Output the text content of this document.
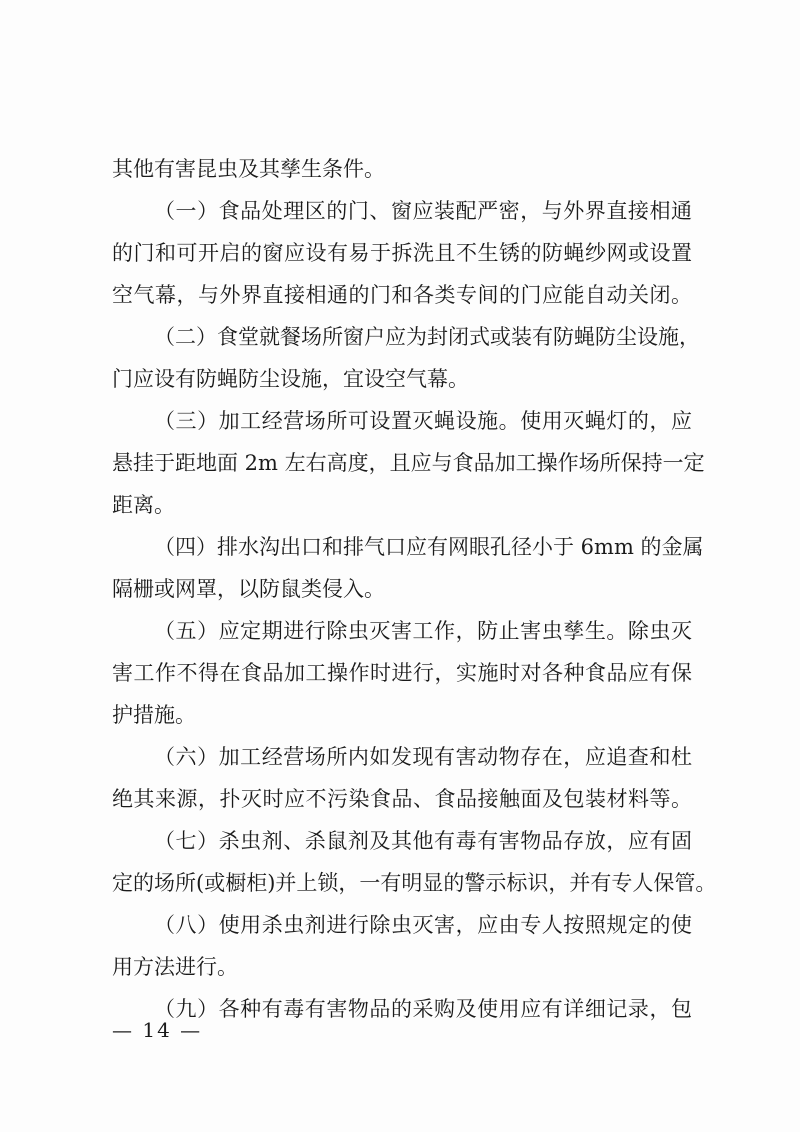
其他有害昆虫及其孳生条件。
（一）食品处理区的门、窗应装配严密，与外界直接相通
的门和可开启的窗应设有易于拆洗且不生锈的防蝇纱网或设置
空气幕，与外界直接相通的门和各类专间的门应能自动关闭。
（二）食堂就餐场所窗户应为封闭式或装有防蝇防尘设施，
门应设有防蝇防尘设施，宜设空气幕。
（三）加工经营场所可设置灭蝇设施。使用灭蝇灯的，应
悬挂于距地面 2m 左右高度，且应与食品加工操作场所保持一定
距离。
（四）排水沟出口和排气口应有网眼孔径小于 6mm 的金属
隔栅或网罩，以防鼠类侵入。
（五）应定期进行除虫灭害工作，防止害虫孳生。除虫灭
害工作不得在食品加工操作时进行，实施时对各种食品应有保
护措施。
（六）加工经营场所内如发现有害动物存在，应追查和杜
绝其来源，扑灭时应不污染食品、食品接触面及包装材料等。
（七）杀虫剂、杀鼠剂及其他有毒有害物品存放，应有固
定的场所(或橱柜)并上锁，一有明显的警示标识，并有专人保管。
（八）使用杀虫剂进行除虫灭害，应由专人按照规定的使
用方法进行。
（九）各种有毒有害物品的采购及使用应有详细记录，包
— 14 —
